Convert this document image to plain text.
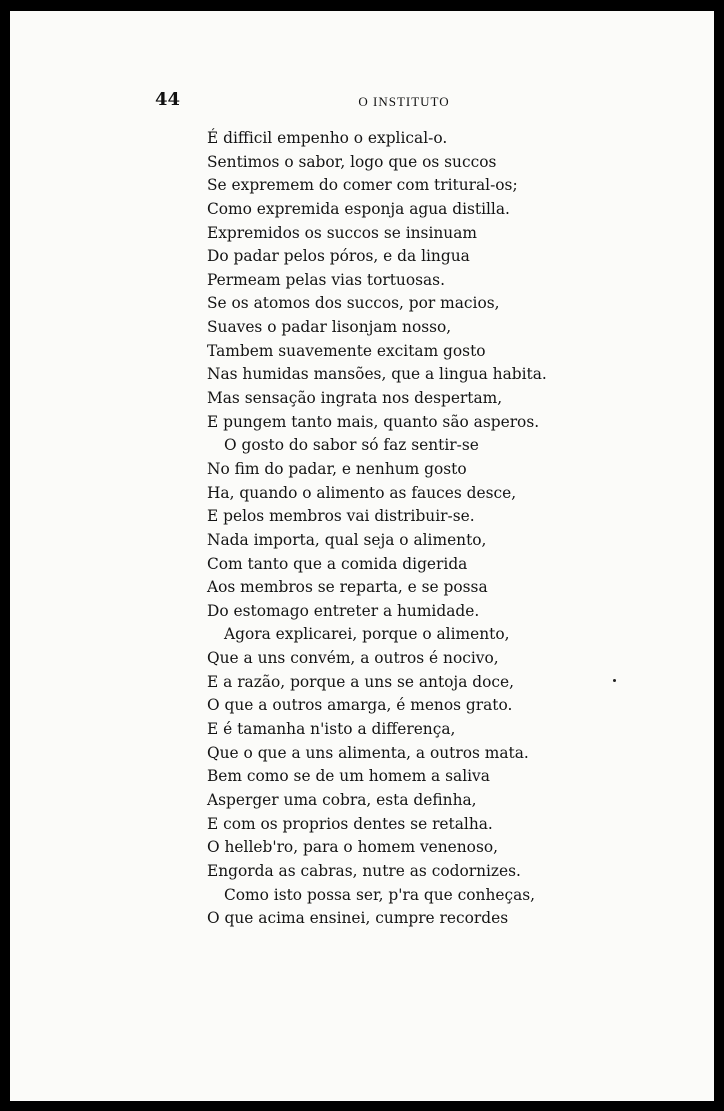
44	O INSTITUTO
É difficil empenho o explical-o.
Sentimos o sabor, logo que os succos
Se expremem do comer com tritural-os;
Como expremida esponja agua distilla.
Expremidos os succos se insinuam
Do padar pelos póros, e da lingua
Permeam pelas vias tortuosas.
Se os atomos dos succos, por macios,
Suaves o padar lisonjam nosso,
Tambem suavemente excitam gosto
Nas humidas mansões, que a lingua habita.
Mas sensação ingrata nos despertam,
E pungem tanto mais, quanto são asperos.
O gosto do sabor só faz sentir-se
No fim do padar, e nenhum gosto
Ha, quando o alimento as fauces desce,
E pelos membros vai distribuir-se.
Nada importa, qual seja o alimento,
Com tanto que a comida digerida
Aos membros se reparta, e se possa
Do estomago entreter a humidade.
Agora explicarei, porque o alimento,
Que a uns convém, a outros é nocivo,
E a razão, porque a uns se antoja doce,
O que a outros amarga, é menos grato.
E é tamanha n'isto a differença,
Que o que a uns alimenta, a outros mata.
Bem como se de um homem a saliva
Asperger uma cobra, esta definha,
E com os proprios dentes se retalha.
O helleb'ro, para o homem venenoso,
Engorda as cabras, nutre as codornizes.
Como isto possa ser, p'ra que conheças,
O que acima ensinei, cumpre recordes
